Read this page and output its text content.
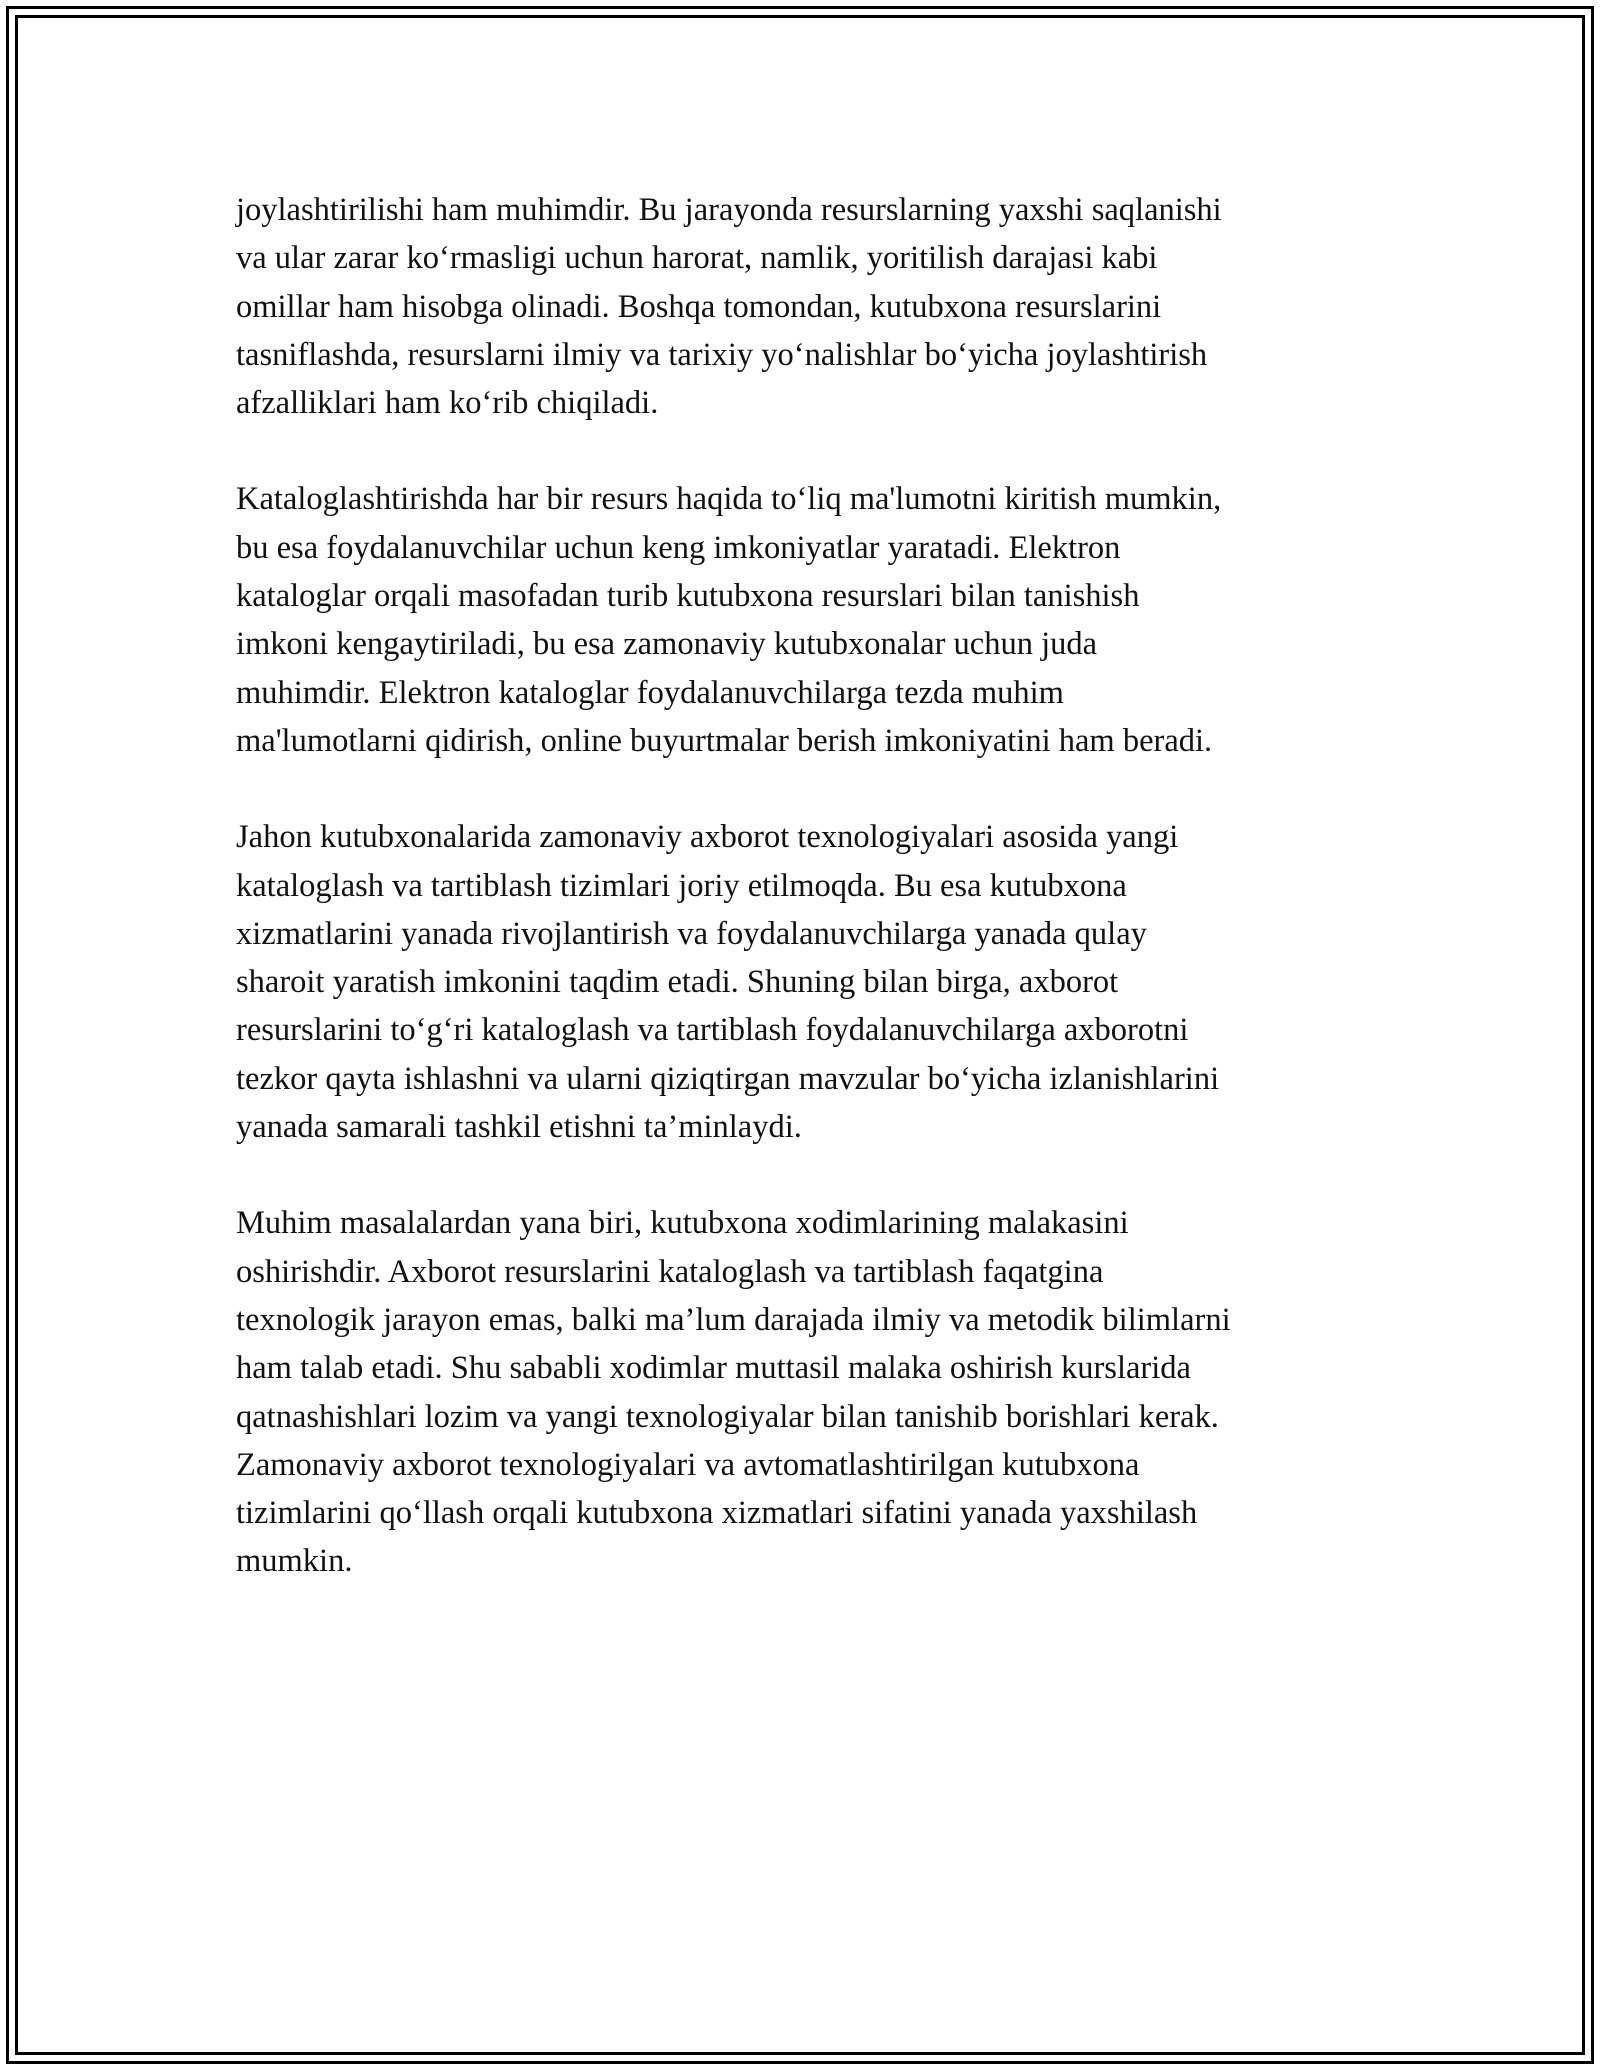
joylashtirilishi ham muhimdir. Bu jarayonda resurslarning yaxshi saqlanishi
va ular zarar koʻrmasligi uchun harorat, namlik, yoritilish darajasi kabi
omillar ham hisobga olinadi. Boshqa tomondan, kutubxona resurslarini
tasniflashda, resurslarni ilmiy va tarixiy yoʻnalishlar boʻyicha joylashtirish
afzalliklari ham koʻrib chiqiladi.

Kataloglashtirishda har bir resurs haqida toʻliq ma'lumotni kiritish mumkin,
bu esa foydalanuvchilar uchun keng imkoniyatlar yaratadi. Elektron
kataloglar orqali masofadan turib kutubxona resurslari bilan tanishish
imkoni kengaytiriladi, bu esa zamonaviy kutubxonalar uchun juda
muhimdir. Elektron kataloglar foydalanuvchilarga tezda muhim
ma'lumotlarni qidirish, online buyurtmalar berish imkoniyatini ham beradi.

Jahon kutubxonalarida zamonaviy axborot texnologiyalari asosida yangi
kataloglash va tartiblash tizimlari joriy etilmoqda. Bu esa kutubxona
xizmatlarini yanada rivojlantirish va foydalanuvchilarga yanada qulay
sharoit yaratish imkonini taqdim etadi. Shuning bilan birga, axborot
resurslarini toʻgʻri kataloglash va tartiblash foydalanuvchilarga axborotni
tezkor qayta ishlashni va ularni qiziqtirgan mavzular boʻyicha izlanishlarini
yanada samarali tashkil etishni ta’minlaydi.

Muhim masalalardan yana biri, kutubxona xodimlarining malakasini
oshirishdir. Axborot resurslarini kataloglash va tartiblash faqatgina
texnologik jarayon emas, balki ma’lum darajada ilmiy va metodik bilimlarni
ham talab etadi. Shu sababli xodimlar muttasil malaka oshirish kurslarida
qatnashishlari lozim va yangi texnologiyalar bilan tanishib borishlari kerak.
Zamonaviy axborot texnologiyalari va avtomatlashtirilgan kutubxona
tizimlarini qoʻllash orqali kutubxona xizmatlari sifatini yanada yaxshilash
mumkin.
